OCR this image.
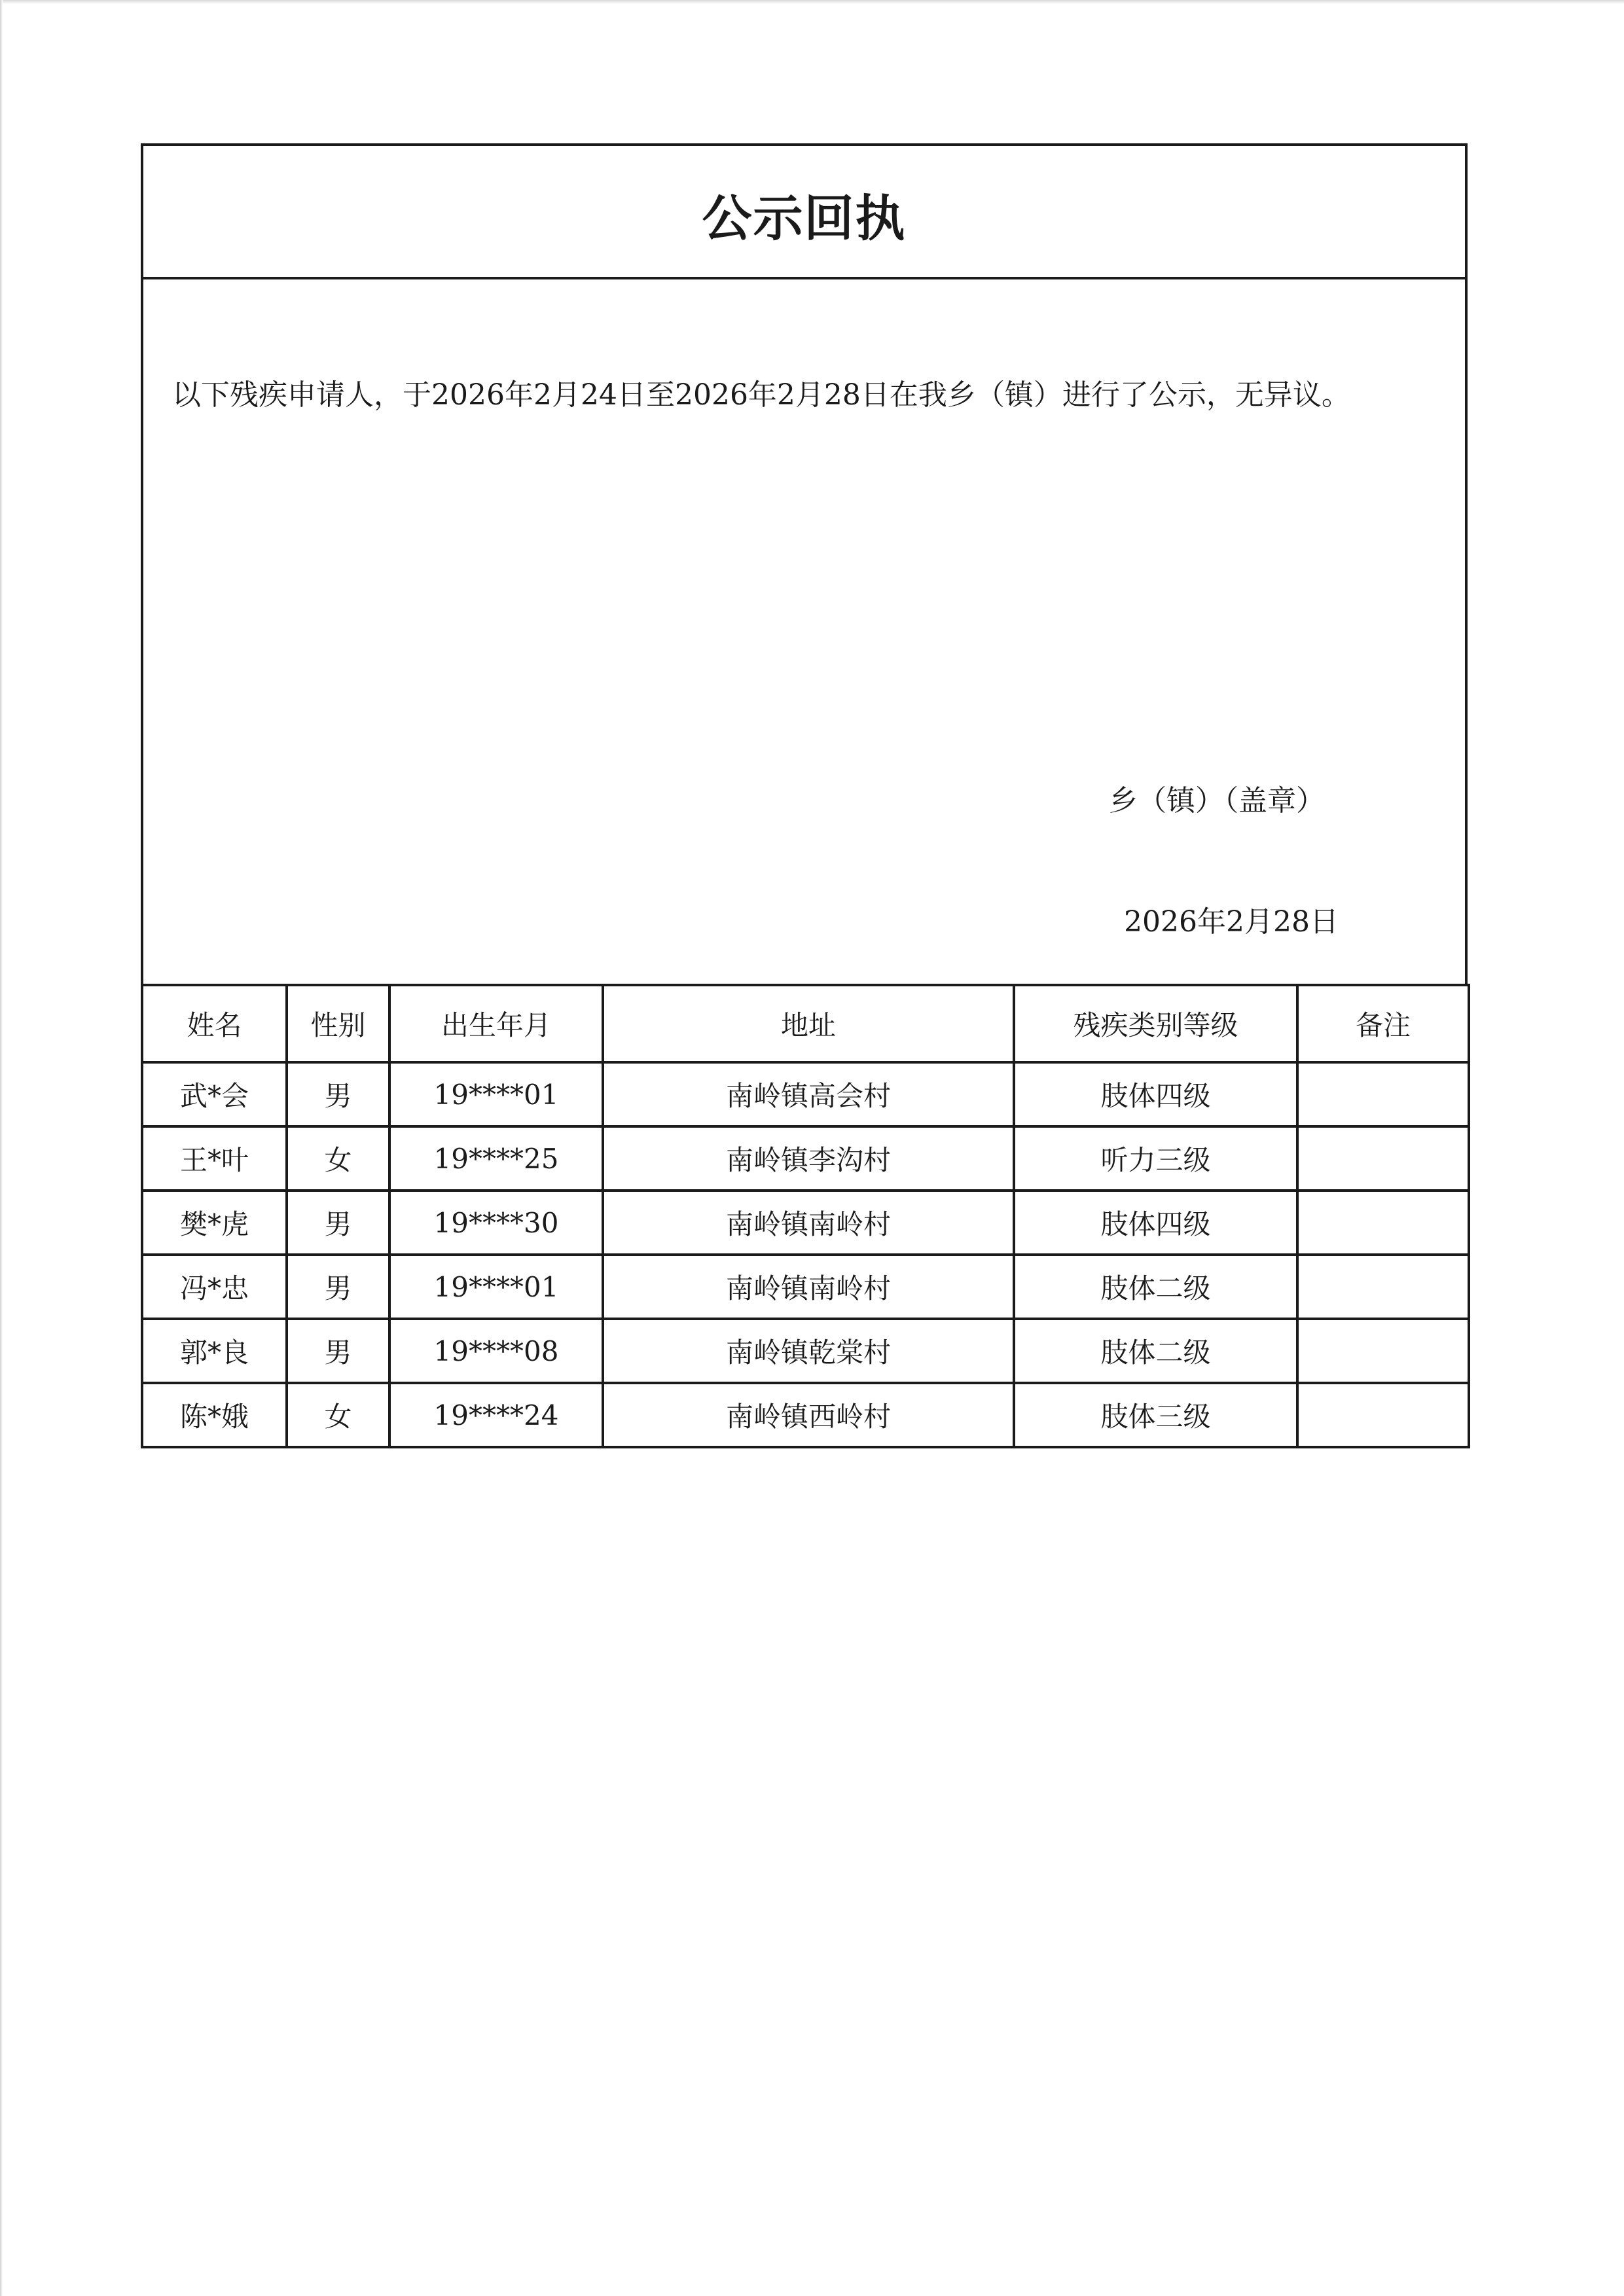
公示回执
以下残疾申请人，于2026年2月24日至2026年2月28日在我乡（镇）进行了公示，无异议。
乡（镇）（盖章）
2026年2月28日
姓名	性别	出生年月	地址	残疾类别等级	备注
武*会	男	19****01	南岭镇高会村	肢体四级	
王*叶	女	19****25	南岭镇李沟村	听力三级	
樊*虎	男	19****30	南岭镇南岭村	肢体四级	
冯*忠	男	19****01	南岭镇南岭村	肢体二级	
郭*良	男	19****08	南岭镇乾棠村	肢体二级	
陈*娥	女	19****24	南岭镇西岭村	肢体三级	
